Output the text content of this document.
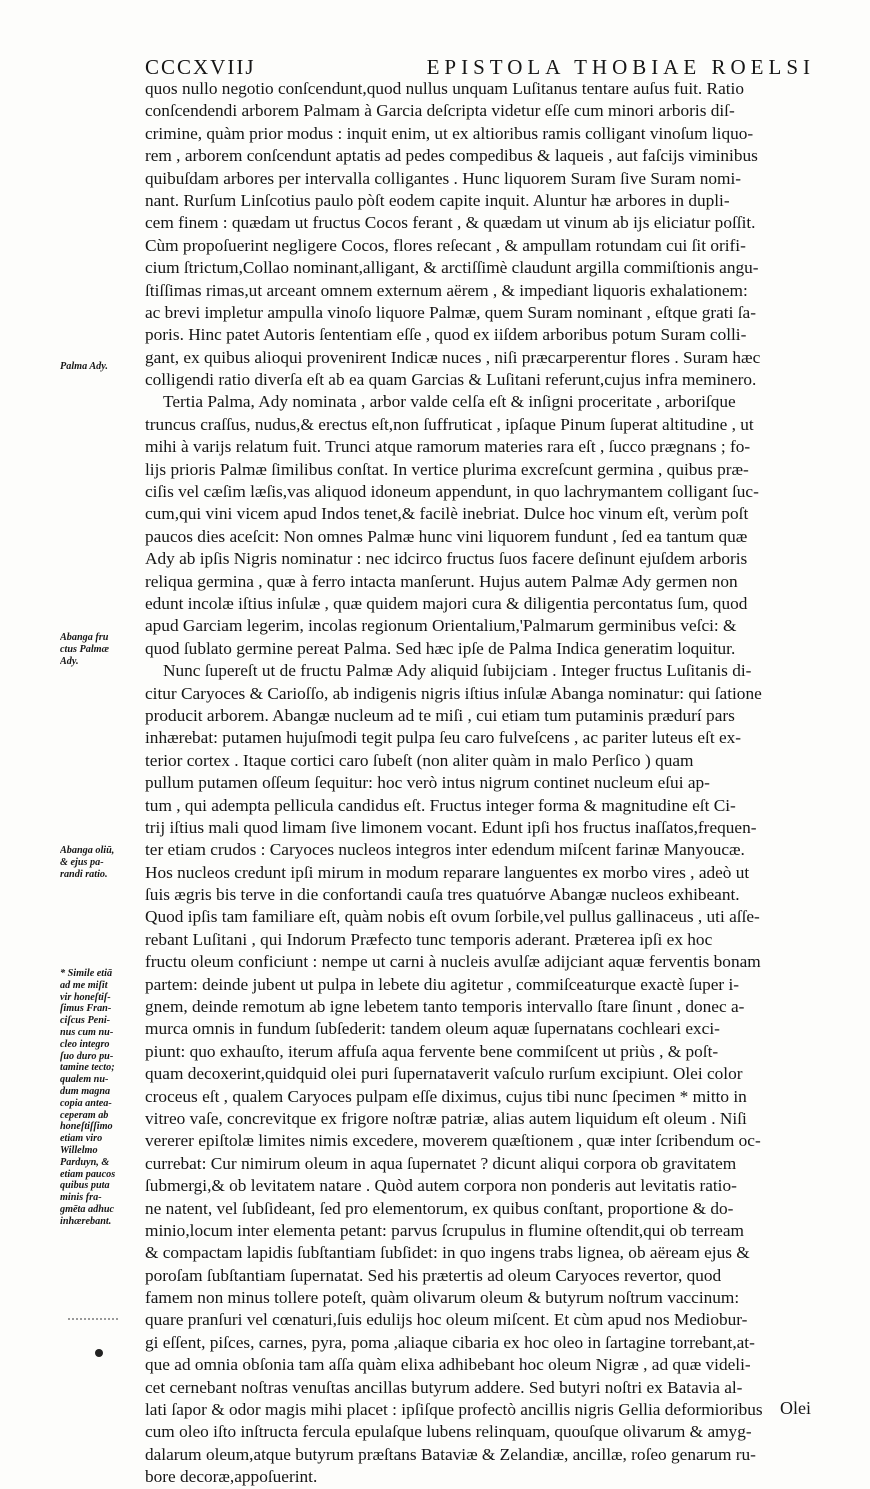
CCCXVIIJ	EPISTOLA THOBIAE ROELSI
quos nullo negotio conſcendunt,quod nullus unquam Luſitanus tentare auſus fuit. Ratio
conſcendendi arborem Palmam à Garcia deſcripta videtur eſſe cum minori arboris diſ-
crimine, quàm prior modus : inquit enim, ut ex altioribus ramis colligant vinoſum liquo-
rem , arborem conſcendunt aptatis ad pedes compedibus & laqueis , aut faſcijs viminibus
quibuſdam arbores per intervalla colligantes . Hunc liquorem Suram ſive Suram nomi-
nant. Rurſum Linſcotius paulo pòſt eodem capite inquit. Aluntur hæ arbores in dupli-
cem finem : quædam ut fructus Cocos ferant , & quædam ut vinum ab ijs eliciatur poſſit.
Cùm propoſuerint negligere Cocos, flores reſecant , & ampullam rotundam cui ſit orifi-
cium ſtrictum,Collao nominant,alligant, & arctiſſimè claudunt argilla commiſtionis angu-
ſtiſſimas rimas,ut arceant omnem externum aërem , & impediant liquoris exhalationem:
ac brevi impletur ampulla vinoſo liquore Palmæ, quem Suram nominant , eſtque grati ſa-
poris. Hinc patet Autoris ſententiam eſſe , quod ex iiſdem arboribus potum Suram colli-
gant, ex quibus alioqui provenirent Indicæ nuces , niſi præcarperentur flores . Suram hæc
colligendi ratio diverſa eſt ab ea quam Garcias & Luſitani referunt,cujus infra meminero.
Tertia Palma, Ady nominata , arbor valde celſa eſt & inſigni proceritate , arboriſque
truncus craſſus, nudus,& erectus eſt,non ſuffruticat , ipſaque Pinum ſuperat altitudine , ut
mihi à varijs relatum fuit. Trunci atque ramorum materies rara eſt , ſucco prægnans ; fo-
lijs prioris Palmæ ſimilibus conſtat. In vertice plurima excreſcunt germina , quibus præ-
ciſis vel cæſim læſis,vas aliquod idoneum appendunt, in quo lachrymantem colligant ſuc-
cum,qui vini vicem apud Indos tenet,& facilè inebriat. Dulce hoc vinum eſt, verùm poſt
paucos dies aceſcit: Non omnes Palmæ hunc vini liquorem fundunt , ſed ea tantum quæ
Ady ab ipſis Nigris nominatur : nec idcirco fructus ſuos facere deſinunt ejuſdem arboris
reliqua germina , quæ à ferro intacta manſerunt. Hujus autem Palmæ Ady germen non
edunt incolæ iſtius inſulæ , quæ quidem majori cura & diligentia percontatus ſum, quod
apud Garciam legerim, incolas regionum Orientalium,'Palmarum germinibus veſci: &
quod ſublato germine pereat Palma. Sed hæc ipſe de Palma Indica generatim loquitur.
Nunc ſupereſt ut de fructu Palmæ Ady aliquid ſubijciam . Integer fructus Luſitanis di-
citur Caryoces & Carioſſo, ab indigenis nigris iſtius inſulæ Abanga nominatur: qui ſatione
producit arborem. Abangæ nucleum ad te miſi , cui etiam tum putaminis prædurí pars
inhærebat: putamen hujuſmodi tegit pulpa ſeu caro fulveſcens , ac pariter luteus eſt ex-
terior cortex . Itaque cortici caro ſubeſt (non aliter quàm in malo Perſico ) quam
pullum putamen oſſeum ſequitur: hoc verò intus nigrum continet nucleum eſui ap-
tum , qui adempta pellicula candidus eſt. Fructus integer forma & magnitudine eſt Ci-
trij iſtius mali quod limam ſive limonem vocant. Edunt ipſi hos fructus inaſſatos,frequen-
ter etiam crudos : Caryoces nucleos integros inter edendum miſcent farinæ Manyoucæ.
Hos nucleos credunt ipſi mirum in modum reparare languentes ex morbo vires , adeò ut
ſuis ægris bis terve in die confortandi cauſa tres quatuórve Abangæ nucleos exhibeant.
Quod ipſis tam familiare eſt, quàm nobis eſt ovum ſorbile,vel pullus gallinaceus , uti aſſe-
rebant Luſitani , qui Indorum Præfecto tunc temporis aderant. Præterea ipſi ex hoc
fructu oleum conficiunt : nempe ut carni à nucleis avulſæ adijciant aquæ ferventis bonam
partem: deinde jubent ut pulpa in lebete diu agitetur , commiſceaturque exactè ſuper i-
gnem, deinde remotum ab igne lebetem tanto temporis intervallo ſtare ſinunt , donec a-
murca omnis in fundum ſubſederit: tandem oleum aquæ ſupernatans cochleari exci-
piunt: quo exhauſto, iterum affuſa aqua fervente bene commiſcent ut priùs , & poſt-
quam decoxerint,quidquid olei puri ſupernataverit vaſculo rurſum excipiunt. Olei color
croceus eſt , qualem Caryoces pulpam eſſe diximus, cujus tibi nunc ſpecimen * mitto in
vitreo vaſe, concrevitque ex frigore noſtræ patriæ, alias autem liquidum eſt oleum . Niſi
vererer epiſtolæ limites nimis excedere, moverem quæſtionem , quæ inter ſcribendum oc-
currebat: Cur nimirum oleum in aqua ſupernatet ? dicunt aliqui corpora ob gravitatem
ſubmergi,& ob levitatem natare . Quòd autem corpora non ponderis aut levitatis ratio-
ne natent, vel ſubſideant, ſed pro elementorum, ex quibus conſtant, proportione & do-
minio,locum inter elementa petant: parvus ſcrupulus in flumine oſtendit,qui ob terream
& compactam lapidis ſubſtantiam ſubſidet: in quo ingens trabs lignea, ob aëream ejus &
poroſam ſubſtantiam ſupernatat. Sed his prætertis ad oleum Caryoces revertor, quod
famem non minus tollere poteſt, quàm olivarum oleum & butyrum noſtrum vaccinum:
quare pranſuri vel cœnaturi,ſuis edulijs hoc oleum miſcent. Et cùm apud nos Mediobur-
gi eſſent, piſces, carnes, pyra, poma ,aliaque cibaria ex hoc oleo in ſartagine torrebant,at-
que ad omnia obſonia tam aſſa quàm elixa adhibebant hoc oleum Nigræ , ad quæ videli-
cet cernebant noſtras venuſtas ancillas butyrum addere. Sed butyri noſtri ex Batavia al-
lati ſapor & odor magis mihi placet : ipſiſque profectò ancillis nigris Gellia deformioribus
cum oleo iſto inſtructa fercula epulaſque lubens relinquam, quouſque olivarum & amyg-
dalarum oleum,atque butyrum præſtans Bataviæ & Zelandiæ, ancillæ, roſeo genarum ru-
bore decoræ,appoſuerint.
Palma Ady.
Abanga fru
ctus Palmæ
Ady.
Abanga oliū,
& ejus pa-
randi ratio.
* Simile etiā
ad me miſit
vir honeſtiſ-
ſimus Fran-
ciſcus Peni-
nus cum nu-
cleo integro
ſuo duro pu-
tamine tecto;
qualem nu-
dum magna
copia antea-
ceperam ab
honeſtiſſimo
etiam viro
Willelmo
Parduyn, &
etiam paucos
quibus puta
minis fra-
gmēta adhuc
inhærebant.
Olei
